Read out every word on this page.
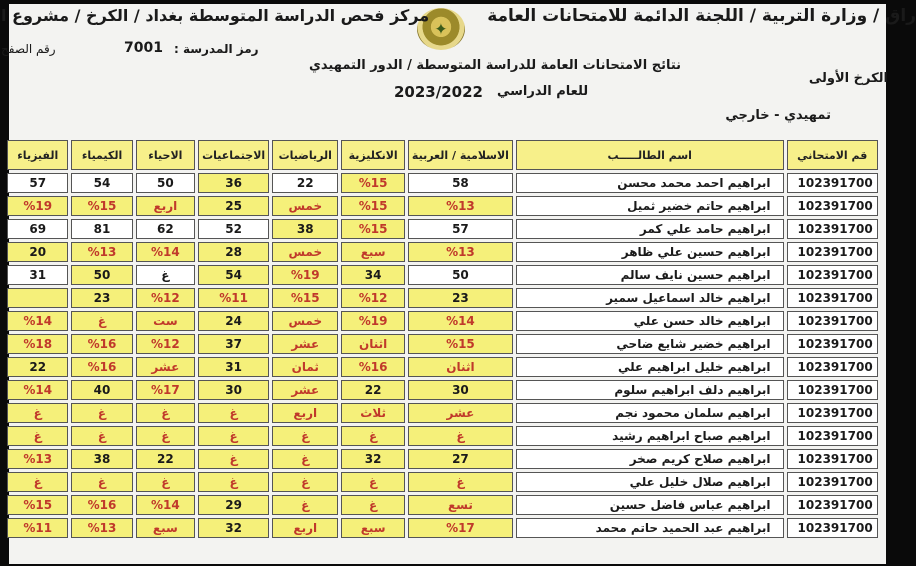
راق / وزارة التربية / اللجنة الدائمة للامتحانات العامة
✦
مركز فحص الدراسة المتوسطة بغداد / الكرخ / مشروع ا
رمز المدرسة :
7001
رقم الصفح
نتائج الامتحانات العامة للدراسة المتوسطة / الدور التمهيدي
للعام الدراسي
2023/2022
الكرخ الأولى
تمهيدي - خارجي
قم الامتحاني	اسم الطالـــــب	الاسلامية / العربية	الانكليزية	الرياضيات	الاجتماعيات	الاحياء	الكيمياء	الفيزياء
102391700	ابراهيم احمد محمد محسن	58	%15	22	36	50	54	57
102391700	ابراهيم حاتم خضير ثميل	%13	%15	خمس	25	اربع	%15	%19
102391700	ابراهيم حامد علي كمر	57	%15	38	52	62	81	69
102391700	ابراهيم حسين علي ظاهر	%13	سبع	خمس	28	%14	%13	20
102391700	ابراهيم حسين نايف سالم	50	34	%19	54	غ	50	31
102391700	ابراهيم خالد اسماعيل سمير	23	%12	%15	%11	%12	23	
102391700	ابراهيم خالد حسن علي	%14	%19	خمس	24	ست	غ	%14
102391700	ابراهيم خضير شايع ضاحي	%15	اثنان	عشر	37	%12	%16	%18
102391700	ابراهيم خليل ابراهيم علي	اثنان	%16	ثمان	31	عشر	%16	22
102391700	ابراهيم دلف ابراهيم سلوم	30	22	عشر	30	%17	40	%14
102391700	ابراهيم سلمان محمود نجم	عشر	ثلاث	اربع	غ	غ	غ	غ
102391700	ابراهيم صباح ابراهيم رشيد	غ	غ	غ	غ	غ	غ	غ
102391700	ابراهيم صلاح كريم صخر	27	32	غ	غ	22	38	%13
102391700	ابراهيم صلال خليل علي	غ	غ	غ	غ	غ	غ	غ
102391700	ابراهيم عباس فاضل حسين	تسع	غ	غ	29	%14	%16	%15
102391700	ابراهيم عبد الحميد حاتم محمد	%17	سبع	اربع	32	سبع	%13	%11
